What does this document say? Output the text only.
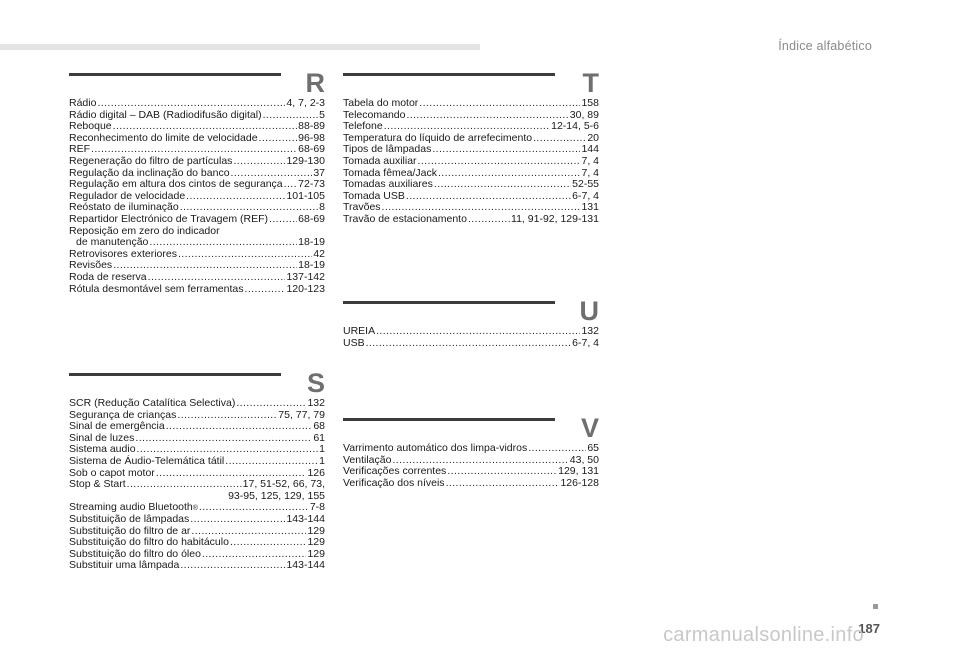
Índice alfabético
R
Rádio .....	4, 7, 2-3
Rádio digital – DAB (Radiodifusão digital) .....	5
Reboque .....	88-89
Reconhecimento do limite de velocidade .....	96-98
REF .....	68-69
Regeneração do filtro de partículas .....	129-130
Regulação da inclinação do banco .....	37
Regulação em altura dos cintos de segurança ..... 72-73
Regulador de velocidade .....	101-105
Reóstato de iluminação .....	8
Repartidor Electrónico de Travagem (REF) .....	68-69
Reposição em zero do indicador
de manutenção .....	18-19
Retrovisores exteriores .....	42
Revisões .....	18-19
Roda de reserva .....	137-142
Rótula desmontável sem ferramentas .....	120-123
S
SCR (Redução Catalítica Selectiva) .....	132
Segurança de crianças .....	75, 77, 79
Sinal de emergência .....	68
Sinal de luzes .....	61
Sistema audio .....	1
Sistema de Áudio-Telemática tátil .....	1
Sob o capot motor .....	126
Stop & Start .....	17, 51-52, 66, 73,
93-95, 125, 129, 155
Streaming audio Bluetooth ® .....	7-8
Substituição de lâmpadas .....	143-144
Substituição do filtro de ar .....	129
Substituição do filtro do habitáculo .....	129
Substituição do filtro do óleo .....	129
Substituir uma lâmpada .....	143-144
T
Tabela do motor .....	158
Telecomando .....	30, 89
Telefone .....	12-14, 5-6
Temperatura do líquido de arrefecimento .....	20
Tipos de lâmpadas .....	144
Tomada auxiliar .....	7, 4
Tomada fêmea/Jack .....	7, 4
Tomadas auxiliares .....	52-55
Tomada USB .....	6-7, 4
Travões .....	131
Travão de estacionamento .....	11, 91-92, 129-131
U
UREIA .....	132
USB .....	6-7, 4
V
Varrimento automático dos limpa-vidros .....	65
Ventilação .....	43, 50
Verificações correntes .....	129, 131
Verificação dos níveis .....	126-128
187
carmanualsonline.info
